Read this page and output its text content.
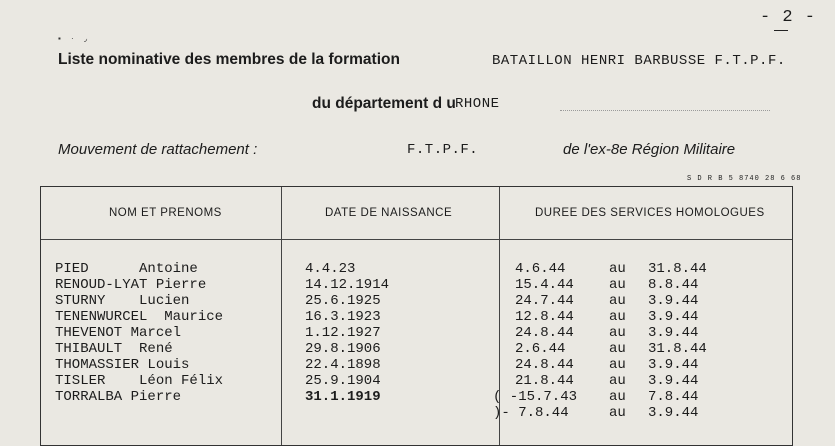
- 2 -
▪ · ◞
Liste nominative des membres de la formation	BATAILLON HENRI BARBUSSE F.T.P.F.
du département d u RHONE
Mouvement de rattachement :	F.T.P.F.	de l'ex-8e Région Militaire
S D R B 5 8740 28 6 68
NOM ET PRENOMS	DATE DE NAISSANCE	DUREE DES SERVICES HOMOLOGUES
PIED      Antoine	4.4.23	4.6.44	au 31.8.44
RENOUD-LYAT Pierre	14.12.1914	15.4.44	au 8.8.44
STURNY    Lucien	25.6.1925	24.7.44	au 3.9.44
TENENWURCEL  Maurice	16.3.1923	12.8.44	au 3.9.44
THEVENOT Marcel	1.12.1927	24.8.44	au 3.9.44
THIBAULT  René	29.8.1906	2.6.44	au 31.8.44
THOMASSIER Louis	22.4.1898	24.8.44	au 3.9.44
TISLER    Léon Félix	25.9.1904	21.8.44	au 3.9.44
TORRALBA Pierre	31.1.1919	( -15.7.43 au 7.8.44
)- 7.8.44	au 3.9.44
